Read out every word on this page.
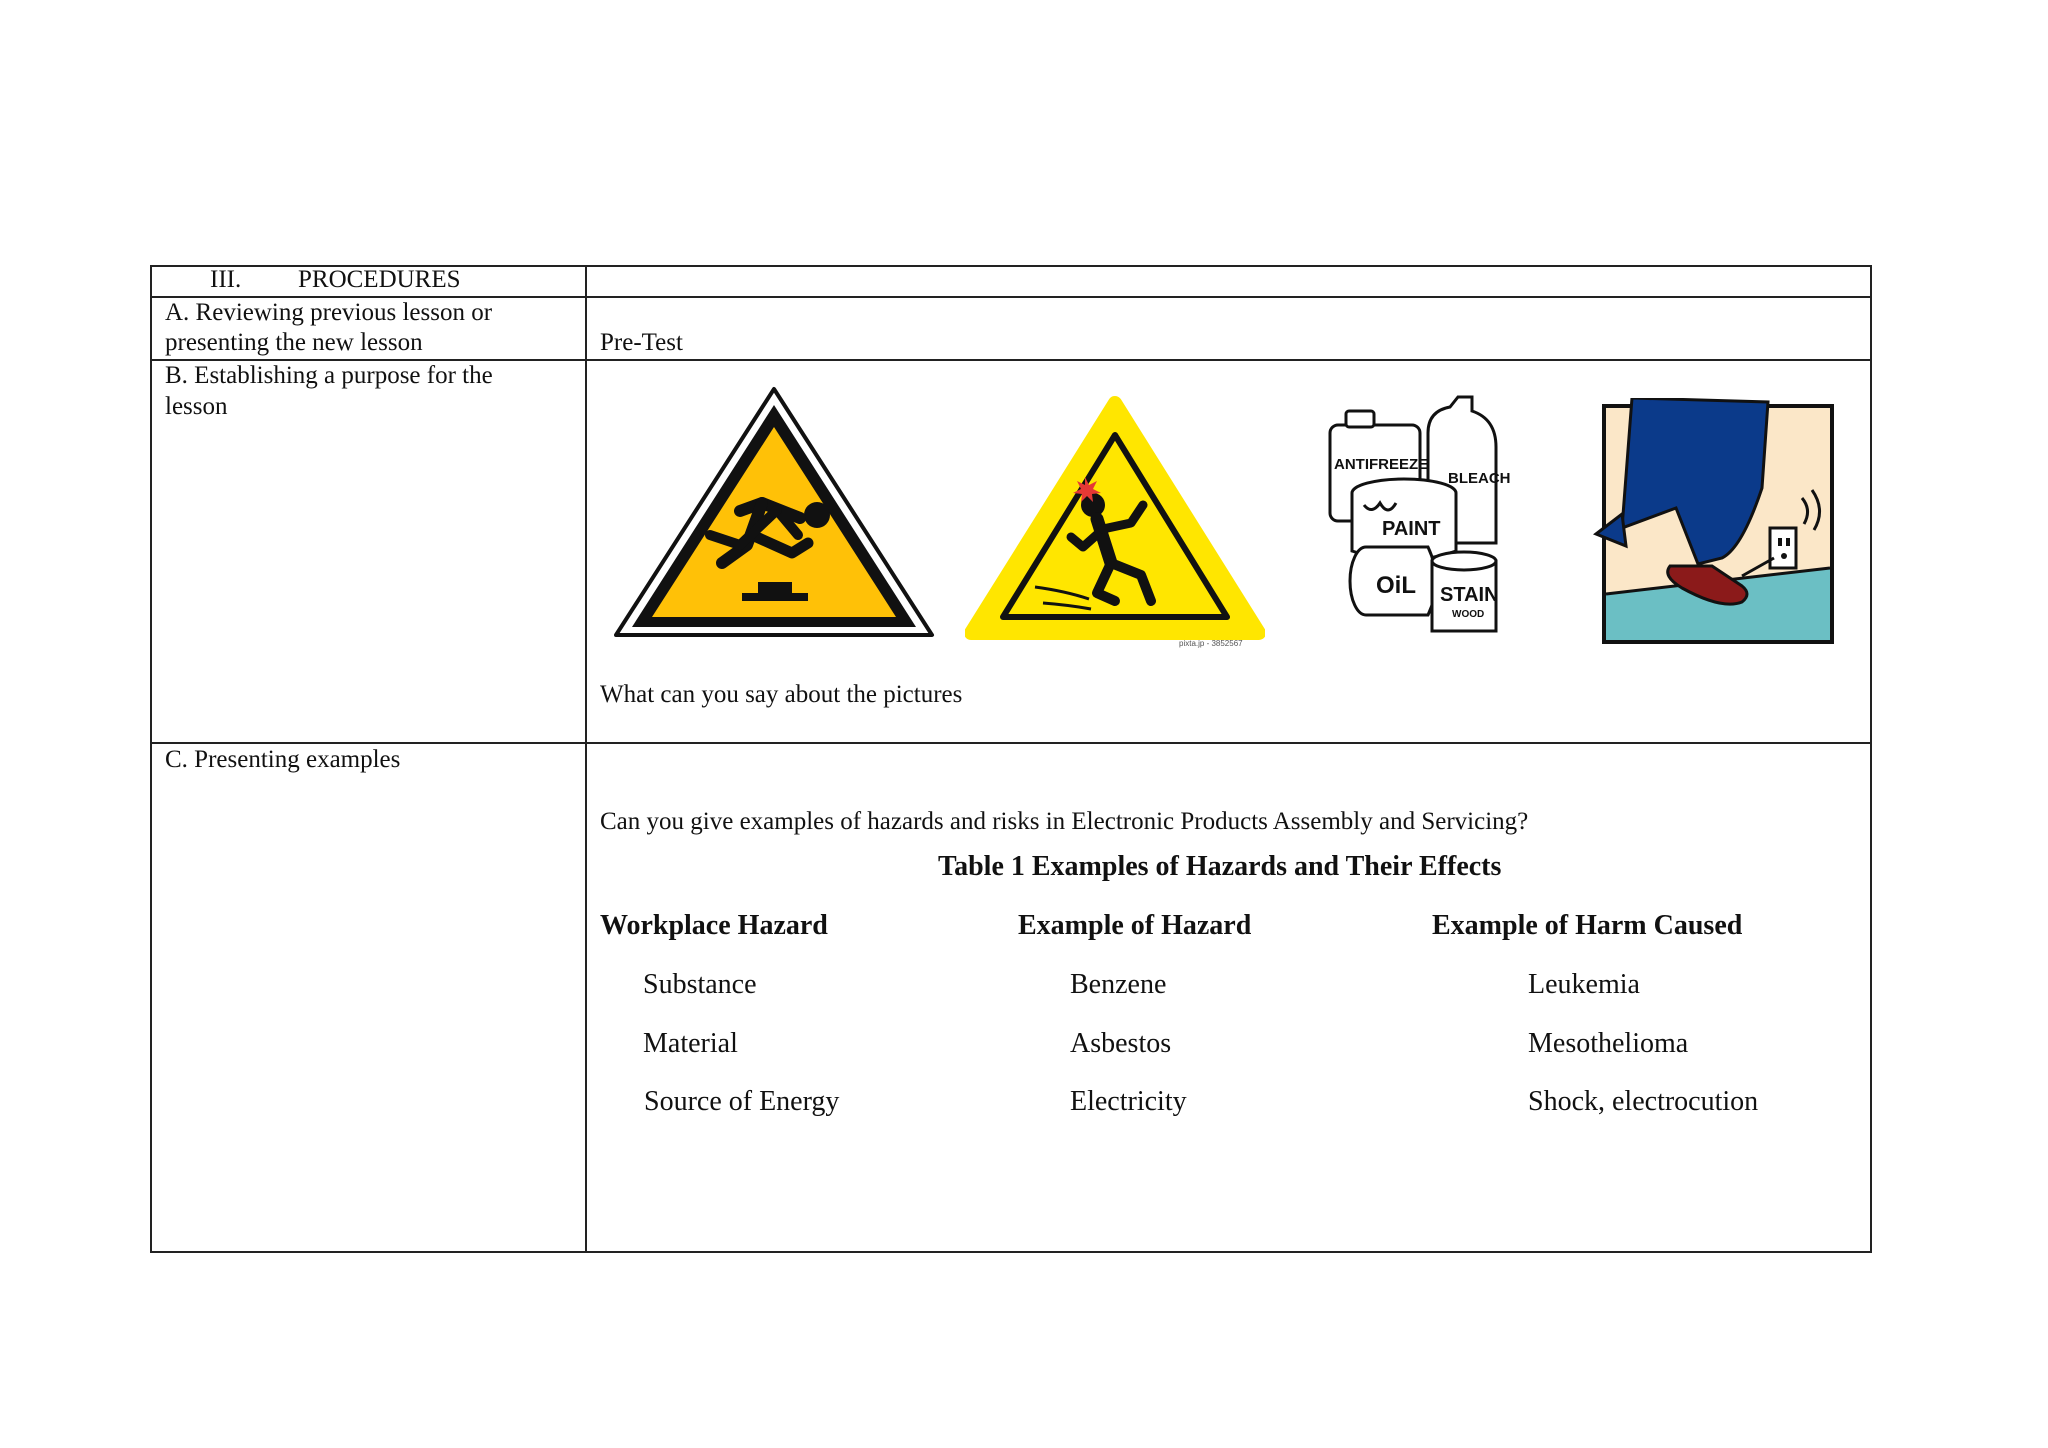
III. PROCEDURES
A. Reviewing previous lesson or
presenting the new lesson	Pre-Test
B. Establishing a purpose for the
lesson
pixta.jp - 3852567
ANTIFREEZE
BLEACH
PAINT
OiL STAIN
WOOD
What can you say about the pictures
C. Presenting examples
Can you give examples of hazards and risks in Electronic Products Assembly and Servicing?
Table 1 Examples of Hazards and Their Effects
Workplace Hazard	Example of Hazard	Example of Harm Caused
Substance	Benzene	Leukemia
Material	Asbestos	Mesothelioma
Source of Energy	Electricity	Shock, electrocution
